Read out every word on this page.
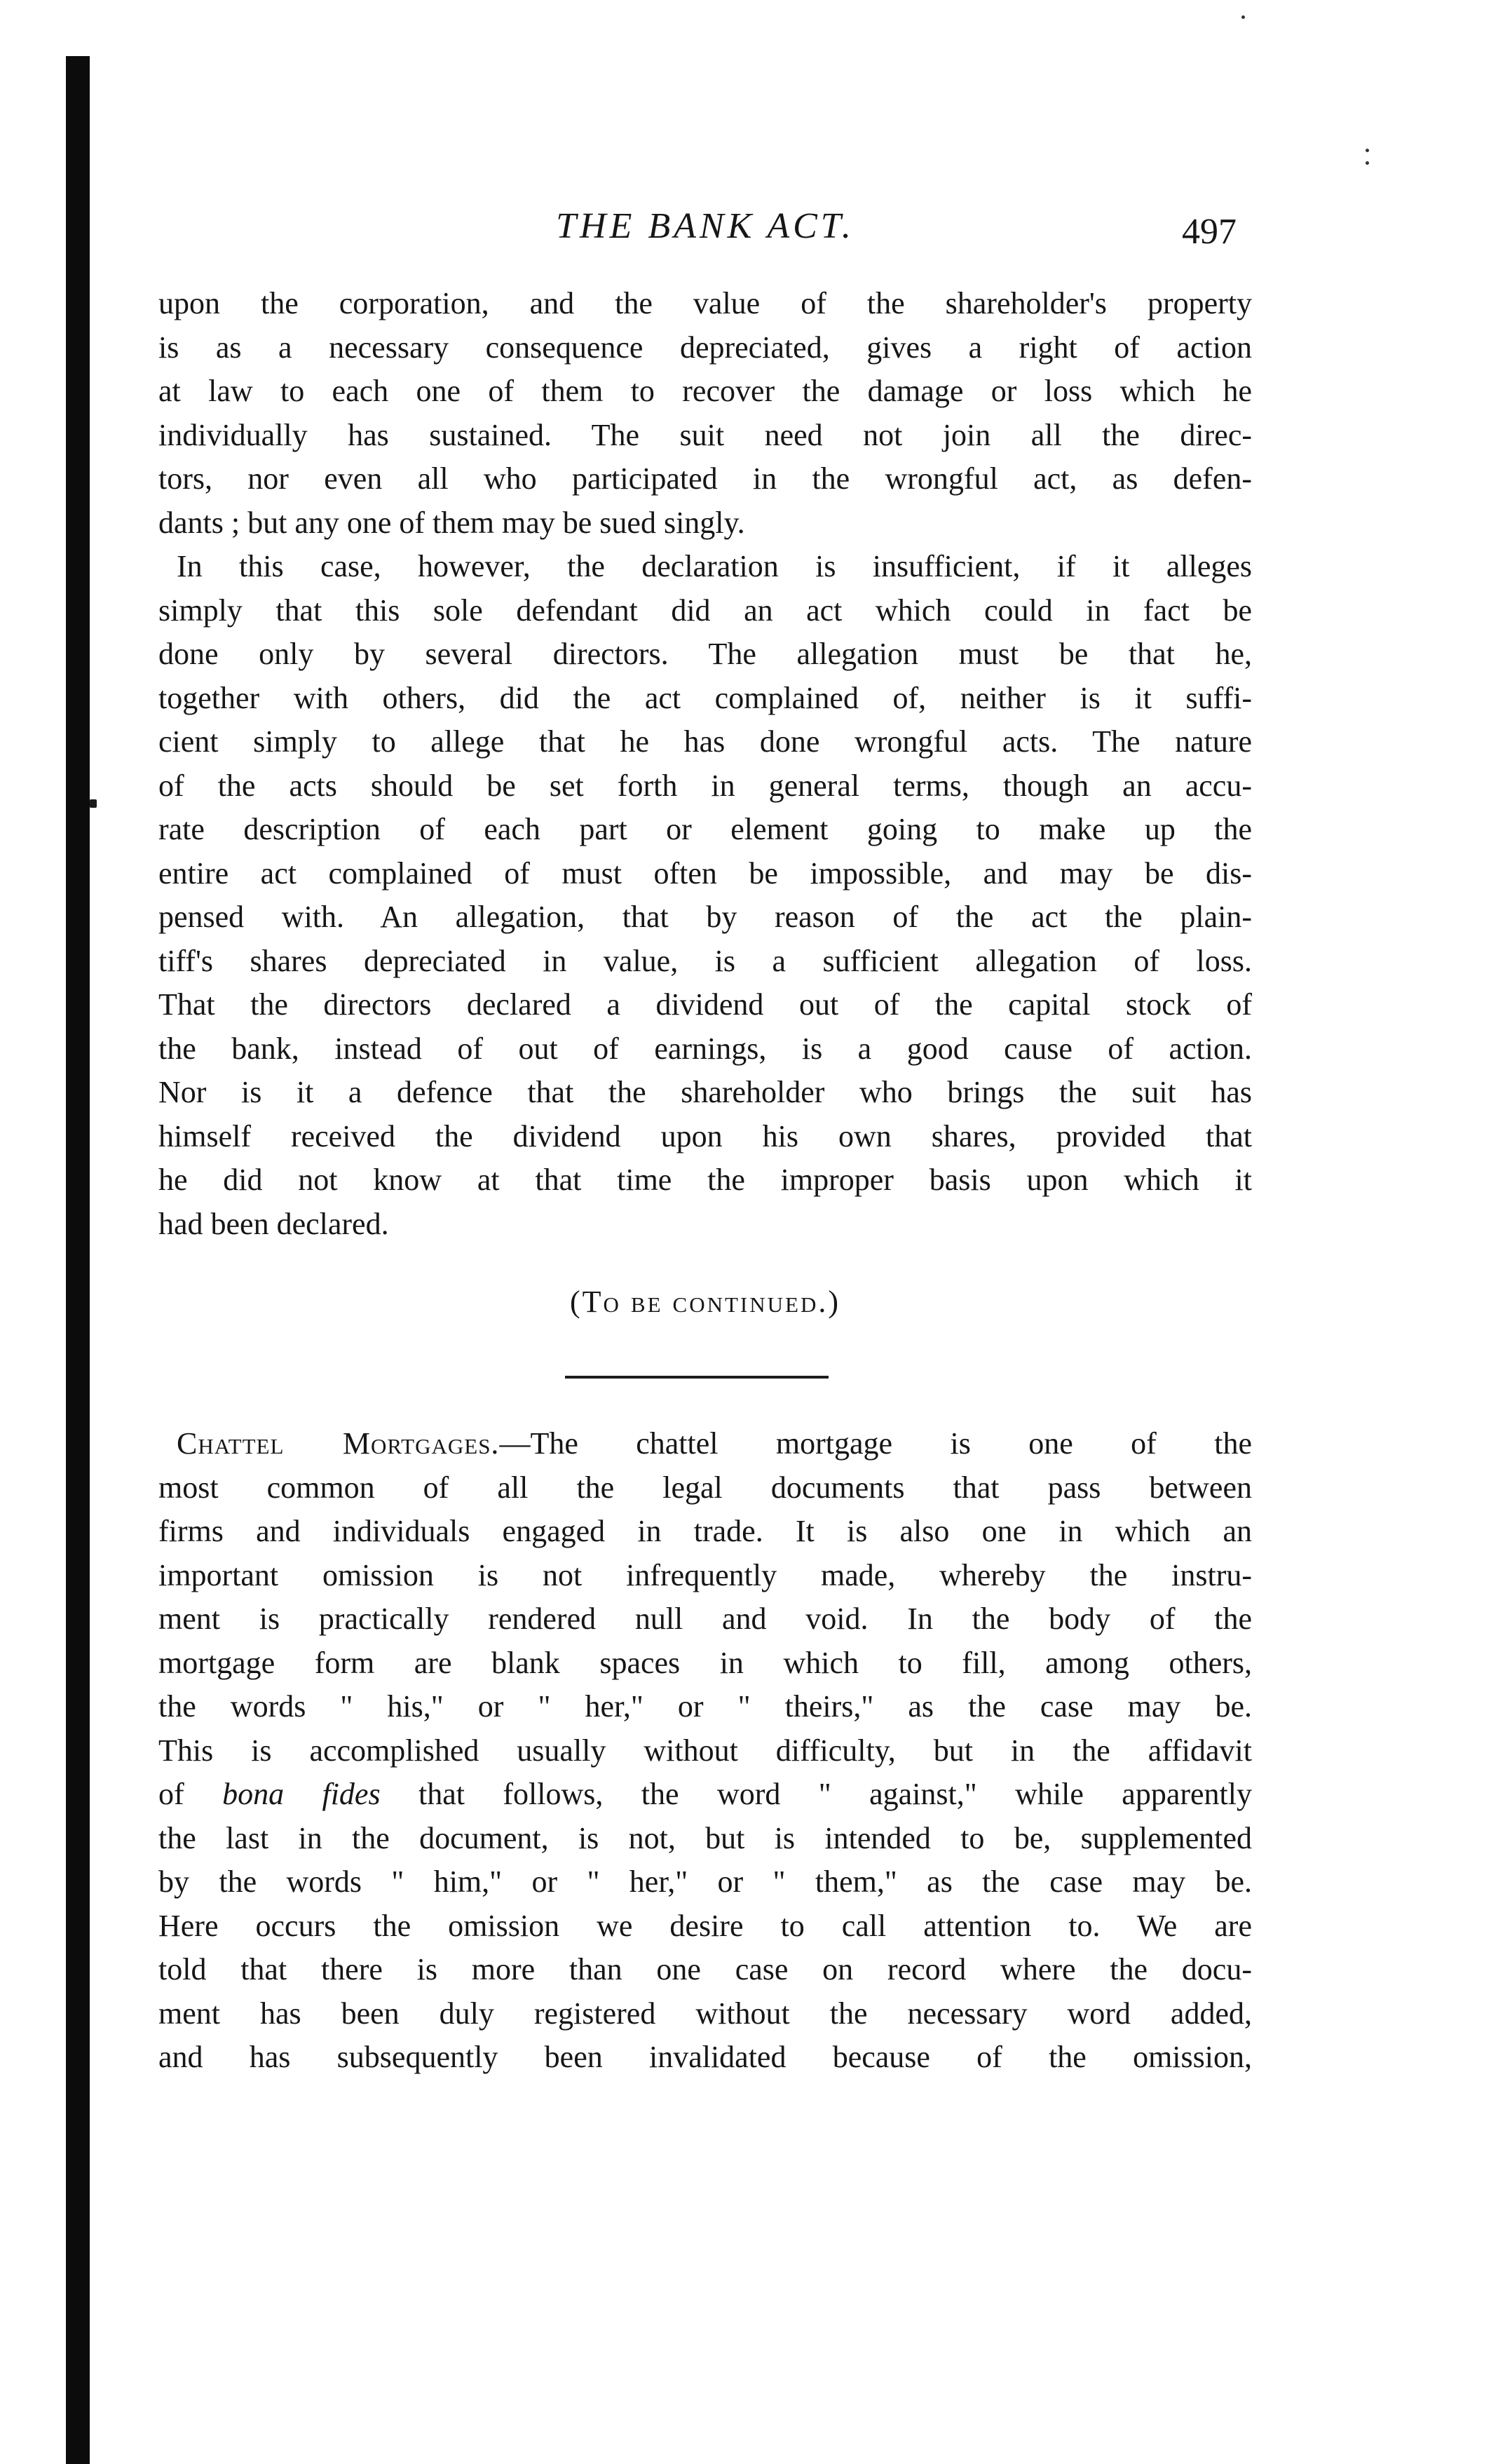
THE BANK ACT.	497
upon the corporation, and the value of the shareholder's property
is as a necessary consequence depreciated, gives a right of action
at law to each one of them to recover the damage or loss which he
individually has sustained. The suit need not join all the direc-
tors, nor even all who participated in the wrongful act, as defen-
dants ; but any one of them may be sued singly.
In this case, however, the declaration is insufficient, if it alleges
simply that this sole defendant did an act which could in fact be
done only by several directors. The allegation must be that he,
together with others, did the act complained of, neither is it suffi-
cient simply to allege that he has done wrongful acts. The nature
of the acts should be set forth in general terms, though an accu-
rate description of each part or element going to make up the
entire act complained of must often be impossible, and may be dis-
pensed with. An allegation, that by reason of the act the plain-
tiff's shares depreciated in value, is a sufficient allegation of loss.
That the directors declared a dividend out of the capital stock of
the bank, instead of out of earnings, is a good cause of action.
Nor is it a defence that the shareholder who brings the suit has
himself received the dividend upon his own shares, provided that
he did not know at that time the improper basis upon which it
had been declared.
(To be continued.)
Chattel Mortgages.—The chattel mortgage is one of the
most common of all the legal documents that pass between
firms and individuals engaged in trade. It is also one in which an
important omission is not infrequently made, whereby the instru-
ment is practically rendered null and void. In the body of the
mortgage form are blank spaces in which to fill, among others,
the words " his," or " her," or " theirs," as the case may be.
This is accomplished usually without difficulty, but in the affidavit
of bona fides that follows, the word " against," while apparently
the last in the document, is not, but is intended to be, supplemented
by the words " him," or " her," or " them," as the case may be.
Here occurs the omission we desire to call attention to. We are
told that there is more than one case on record where the docu-
ment has been duly registered without the necessary word added,
and has subsequently been invalidated because of the omission,
